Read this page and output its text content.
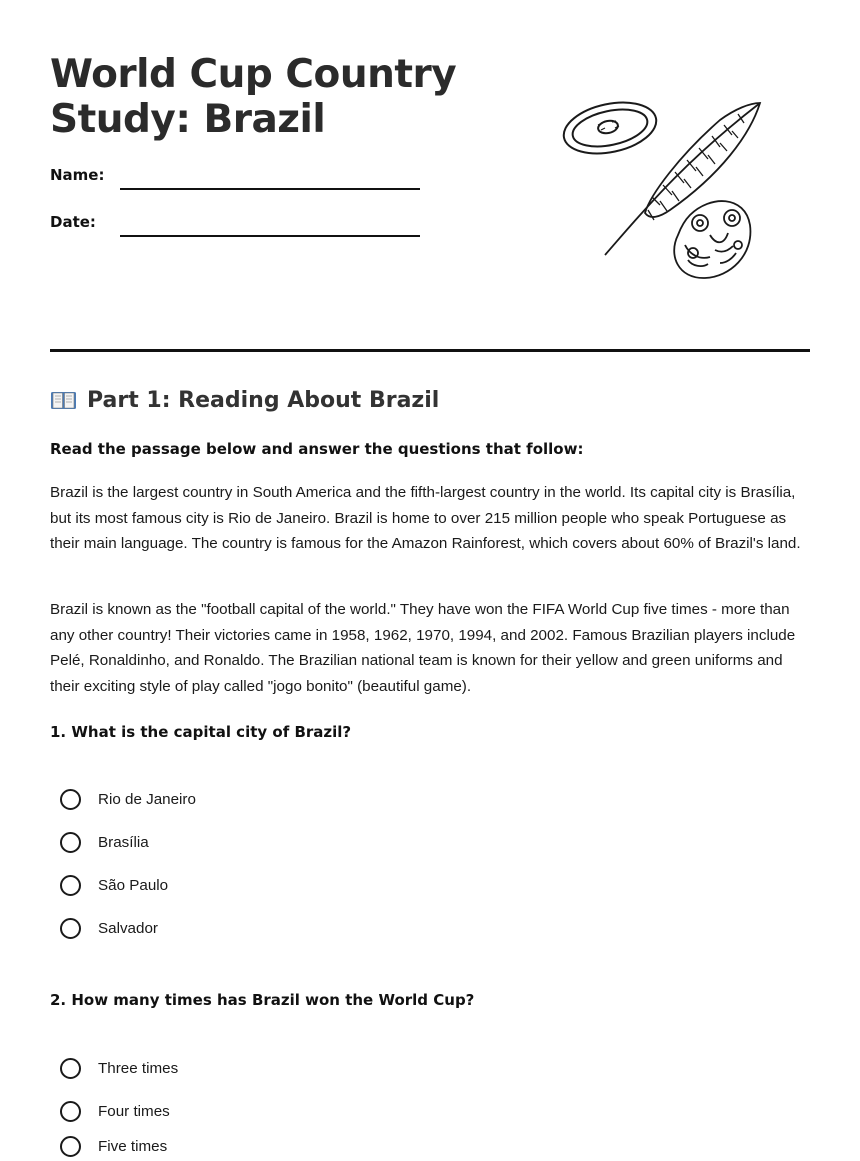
World Cup Country Study: Brazil
Name:
Date:
Part 1: Reading About Brazil
Read the passage below and answer the questions that follow:

Brazil is the largest country in South America and the fifth-largest country in the world. Its capital city is Brasília, but its most famous city is Rio de Janeiro. Brazil is home to over 215 million people who speak Portuguese as their main language. The country is famous for the Amazon Rainforest, which covers about 60% of Brazil's land.

Brazil is known as the "football capital of the world." They have won the FIFA World Cup five times - more than any other country! Their victories came in 1958, 1962, 1970, 1994, and 2002. Famous Brazilian players include Pelé, Ronaldinho, and Ronaldo. The Brazilian national team is known for their yellow and green uniforms and their exciting style of play called "jogo bonito" (beautiful game).

1. What is the capital city of Brazil?
Rio de Janeiro
Brasília
São Paulo
Salvador
2. How many times has Brazil won the World Cup?
Three times
Four times
Five times
